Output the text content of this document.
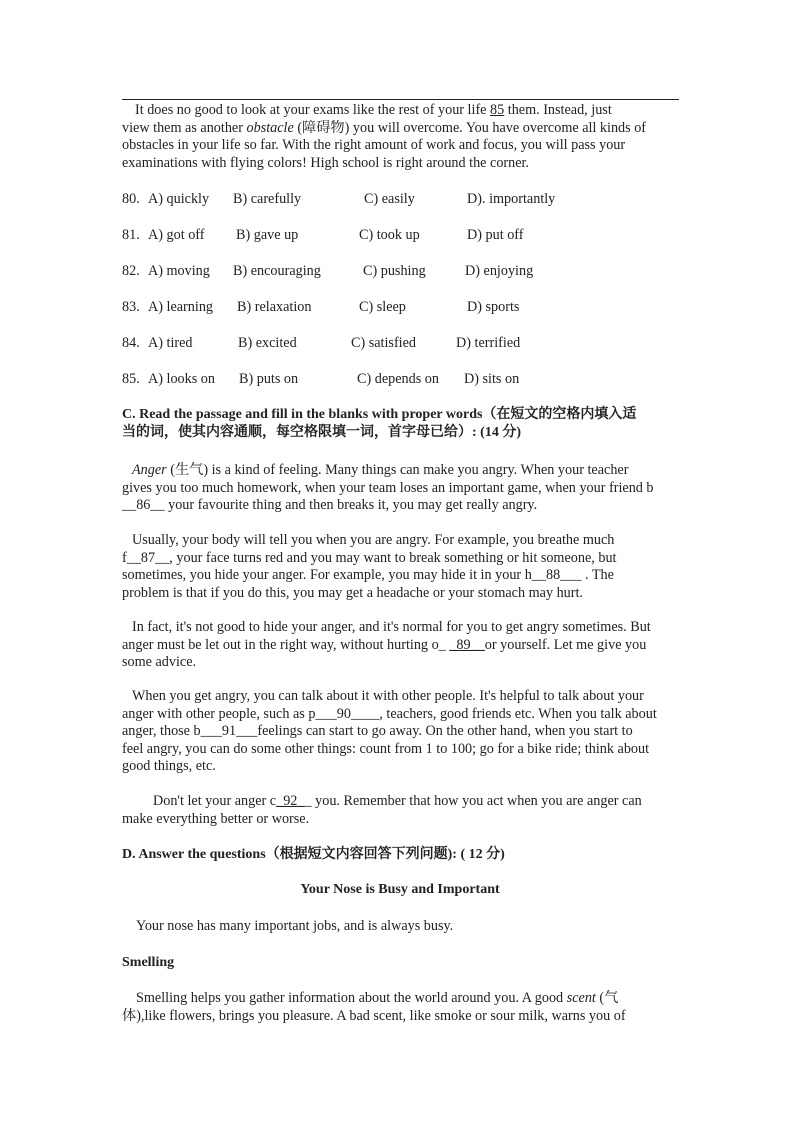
It does no good to look at your exams like the rest of your life 85 them. Instead, just
view them as another obstacle (障碍物) you will overcome. You have overcome all kinds of
obstacles in your life so far. With the right amount of work and focus, you will pass your
examinations with flying colors! High school is right around the corner.
80. A) quickly B) carefully	C) easily	D). importantly
81. A) got off B) gave up	C) took up	D) put off
82. A) moving B) encouraging	C) pushing	D) enjoying
83. A) learning B) relaxation	C) sleep	D) sports
84. A) tired	B) excited	C) satisfied	D) terrified
85. A) looks on B) puts on	C) depends on D) sits on
C. Read the passage and fill in the blanks with proper words（在短文的空格内填入适
当的词，使其内容通顺，每空格限填一词，首字母已给）: (14 分)
Anger (生气) is a kind of feeling. Many things can make you angry. When your teacher
gives you too much homework, when your team loses an important game, when your friend b
__86__ your favourite thing and then breaks it, you may get really angry.
Usually, your body will tell you when you are angry. For example, you breathe much
f__87__, your face turns red and you may want to break something or hit someone, but
sometimes, you hide your anger. For example, you may hide it in your h__88___ . The
problem is that if you do this, you may get a headache or your stomach may hurt.
In fact, it's not good to hide your anger, and it's normal for you to get angry sometimes. But
anger must be let out in the right way, without hurting o_ _89__or yourself. Let me give you
some advice.
When you get angry, you can talk about it with other people. It's helpful to talk about your
anger with other people, such as p___90____, teachers, good friends etc. When you talk about
anger, those b___91___feelings can start to go away. On the other hand, when you start to
feel angry, you can do some other things: count from 1 to 100; go for a bike ride; think about
good things, etc.
Don't let your anger c_92__ you. Remember that how you act when you are anger can
make everything better or worse.
D. Answer the questions（根据短文内容回答下列问题): ( 12 分)
Your Nose is Busy and Important
Your nose has many important jobs, and is always busy.
Smelling
Smelling helps you gather information about the world around you. A good scent (气
体),like flowers, brings you pleasure. A bad scent, like smoke or sour milk, warns you of
